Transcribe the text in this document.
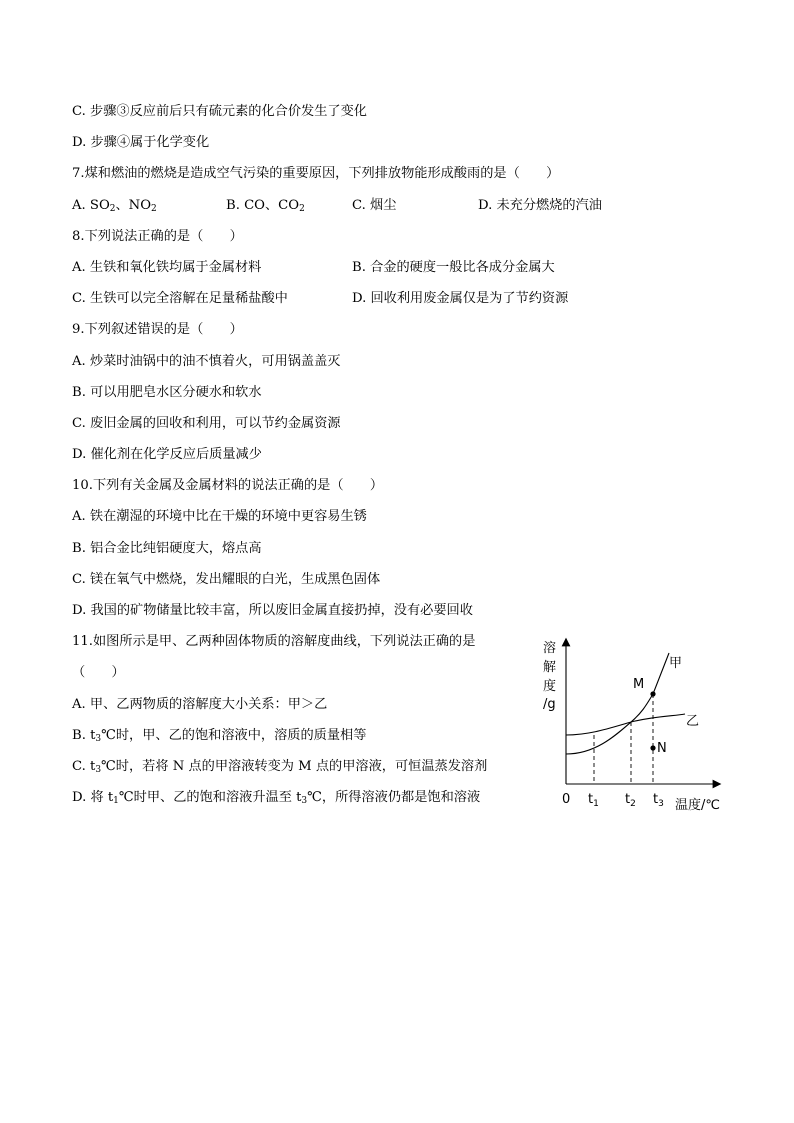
C. 步骤③反应前后只有硫元素的化合价发生了变化
D. 步骤④属于化学变化
7.煤和燃油的燃烧是造成空气污染的重要原因，下列排放物能形成酸雨的是（　　）
A. $SO_2$、$NO_2$	B. CO、$CO_2$	C. 烟尘	D. 未充分燃烧的汽油
8.下列说法正确的是（　　）
A. 生铁和氧化铁均属于金属材料	B. 合金的硬度一般比各成分金属大
C. 生铁可以完全溶解在足量稀盐酸中	D. 回收利用废金属仅是为了节约资源
9.下列叙述错误的是（　　）
A. 炒菜时油锅中的油不慎着火，可用锅盖盖灭
B. 可以用肥皂水区分硬水和软水
C. 废旧金属的回收和利用，可以节约金属资源
D. 催化剂在化学反应后质量减少
10.下列有关金属及金属材料的说法正确的是（　　）
A. 铁在潮湿的环境中比在干燥的环境中更容易生锈
B. 铝合金比纯铝硬度大，熔点高
C. 镁在氧气中燃烧，发出耀眼的白光，生成黑色固体
D. 我国的矿物储量比较丰富，所以废旧金属直接扔掉，没有必要回收
11.如图所示是甲、乙两种固体物质的溶解度曲线，下列说法正确的是
（　　）
A. 甲、乙两物质的溶解度大小关系：甲＞乙
B. $t_3℃$时，甲、乙的饱和溶液中，溶质的质量相等
C. $t_3℃$时，若将 N 点的甲溶液转变为 M 点的甲溶液，可恒温蒸发溶剂
D. 将 $t_1℃$时甲、乙的饱和溶液升温至 $t_3℃$，所得溶液仍都是饱和溶液
溶
解
度
/g
M
N
甲
乙
0 $t_1$ $t_2$ $t_3$ 温度/℃
